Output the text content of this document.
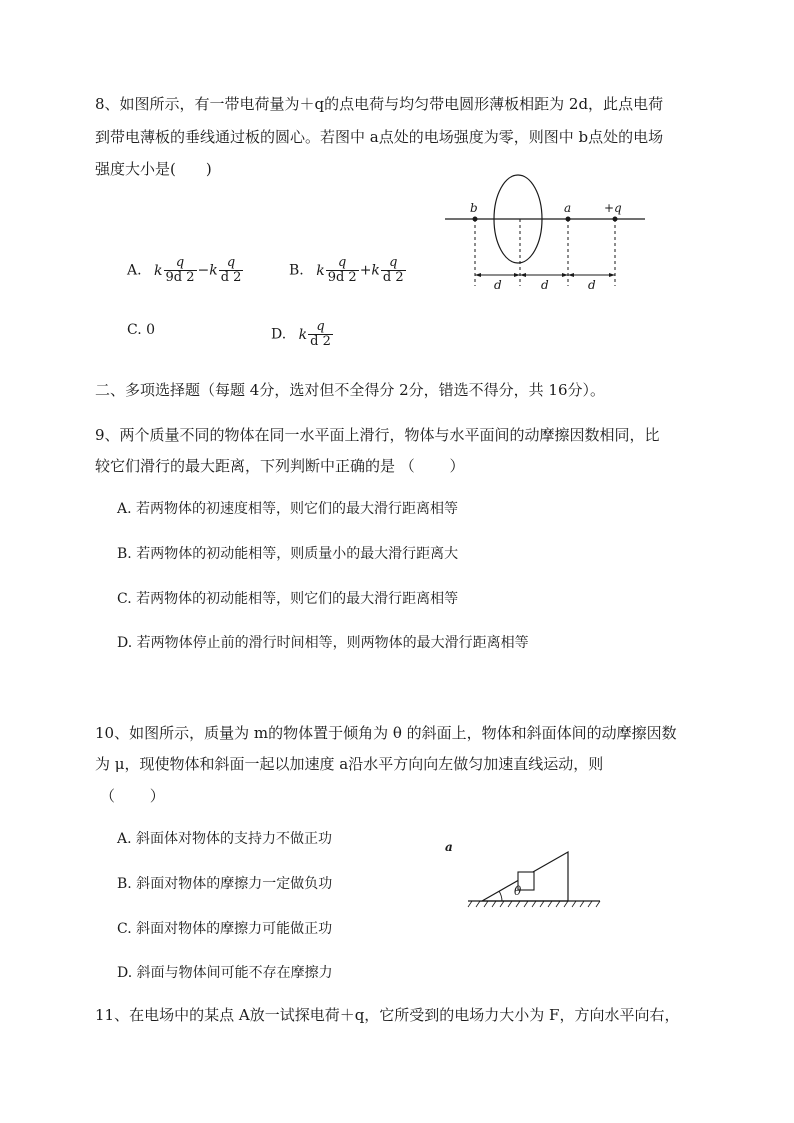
8、如图所示，有一带电荷量为＋q的点电荷与均匀带电圆形薄板相距为 2d，此点电荷
到带电薄板的垂线通过板的圆心。若图中 a点处的电场强度为零，则图中 b点处的电场
强度大小是(　　)
A. k $\frac{q}{9d 2} -k \frac{q}{d 2}$	B. k $\frac{q}{9d 2} +k \frac{q}{d 2}$
C. 0	D. k $\frac{q}{d 2}$
b	a	+q
d	d	d
二、多项选择题（每题 4分，选对但不全得分 2分，错选不得分，共 16分）。
9、两个质量不同的物体在同一水平面上滑行，物体与水平面间的动摩擦因数相同，比
较它们滑行的最大距离，下列判断中正确的是 （　　 ）
A. 若两物体的初速度相等，则它们的最大滑行距离相等
B. 若两物体的初动能相等，则质量小的最大滑行距离大
C. 若两物体的初动能相等，则它们的最大滑行距离相等
D. 若两物体停止前的滑行时间相等，则两物体的最大滑行距离相等
10、如图所示，质量为 m的物体置于倾角为 θ 的斜面上，物体和斜面体间的动摩擦因数
为 μ，现使物体和斜面一起以加速度 a沿水平方向向左做匀加速直线运动，则
（　　 ）
A. 斜面体对物体的支持力不做正功
B. 斜面对物体的摩擦力一定做负功
C. 斜面对物体的摩擦力可能做正功
D. 斜面与物体间可能不存在摩擦力
a
θ
11、在电场中的某点 A放一试探电荷＋q，它所受到的电场力大小为 F，方向水平向右，
